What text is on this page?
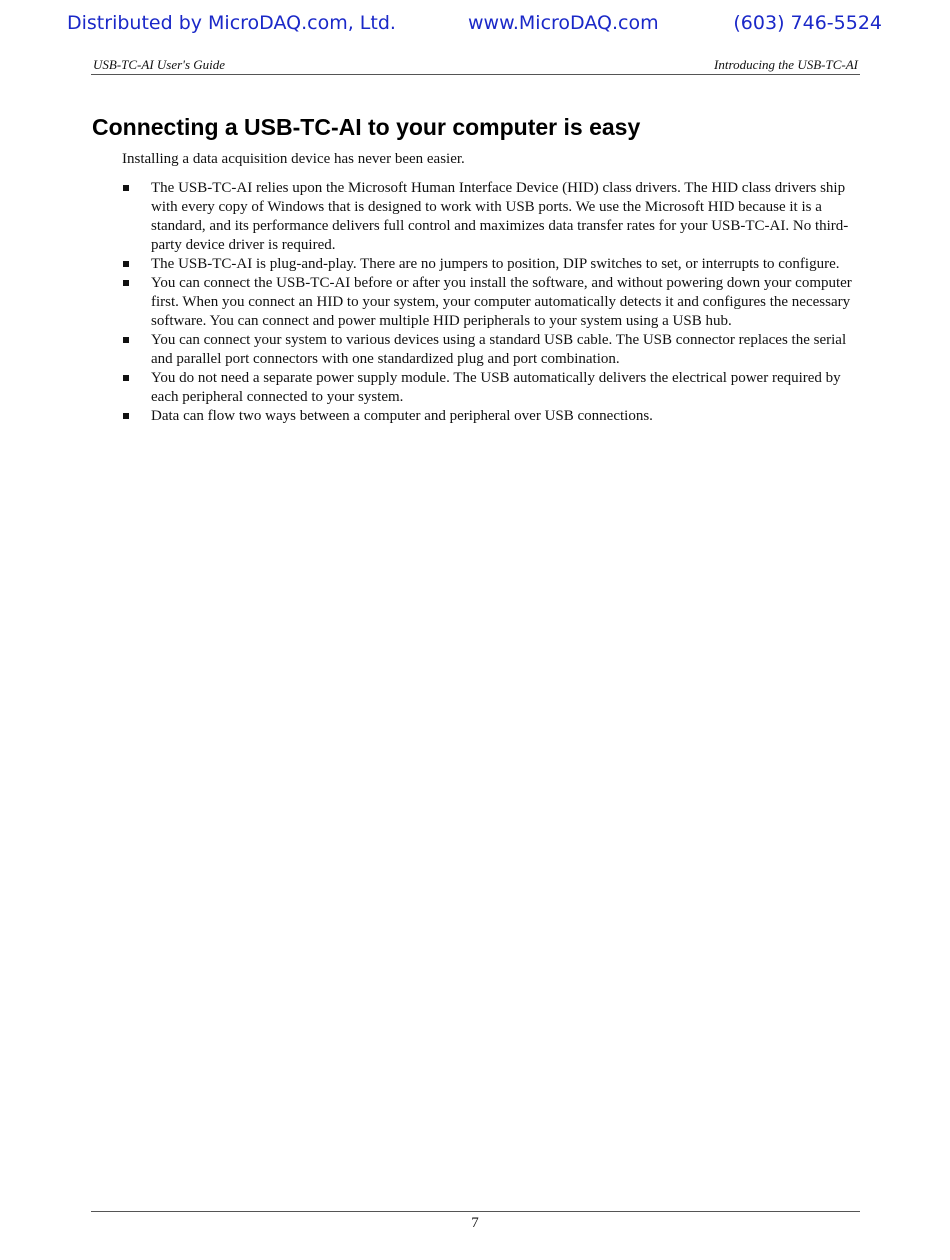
Distributed by MicroDAQ.com, Ltd.	www.MicroDAQ.com	(603) 746-5524
USB-TC-AI User's Guide	Introducing the USB-TC-AI
Connecting a USB-TC-AI to your computer is easy

Installing a data acquisition device has never been easier.

The USB-TC-AI relies upon the Microsoft Human Interface Device (HID) class drivers. The HID class drivers ship with every copy of Windows that is designed to work with USB ports. We use the Microsoft HID because it is a standard, and its performance delivers full control and maximizes data transfer rates for your USB-TC-AI. No third-party device driver is required.
The USB-TC-AI is plug-and-play. There are no jumpers to position, DIP switches to set, or interrupts to configure.
You can connect the USB-TC-AI before or after you install the software, and without powering down your computer first. When you connect an HID to your system, your computer automatically detects it and configures the necessary software. You can connect and power multiple HID peripherals to your system using a USB hub.
You can connect your system to various devices using a standard USB cable. The USB connector replaces the serial and parallel port connectors with one standardized plug and port combination.
You do not need a separate power supply module. The USB automatically delivers the electrical power required by each peripheral connected to your system.
Data can flow two ways between a computer and peripheral over USB connections.
7
